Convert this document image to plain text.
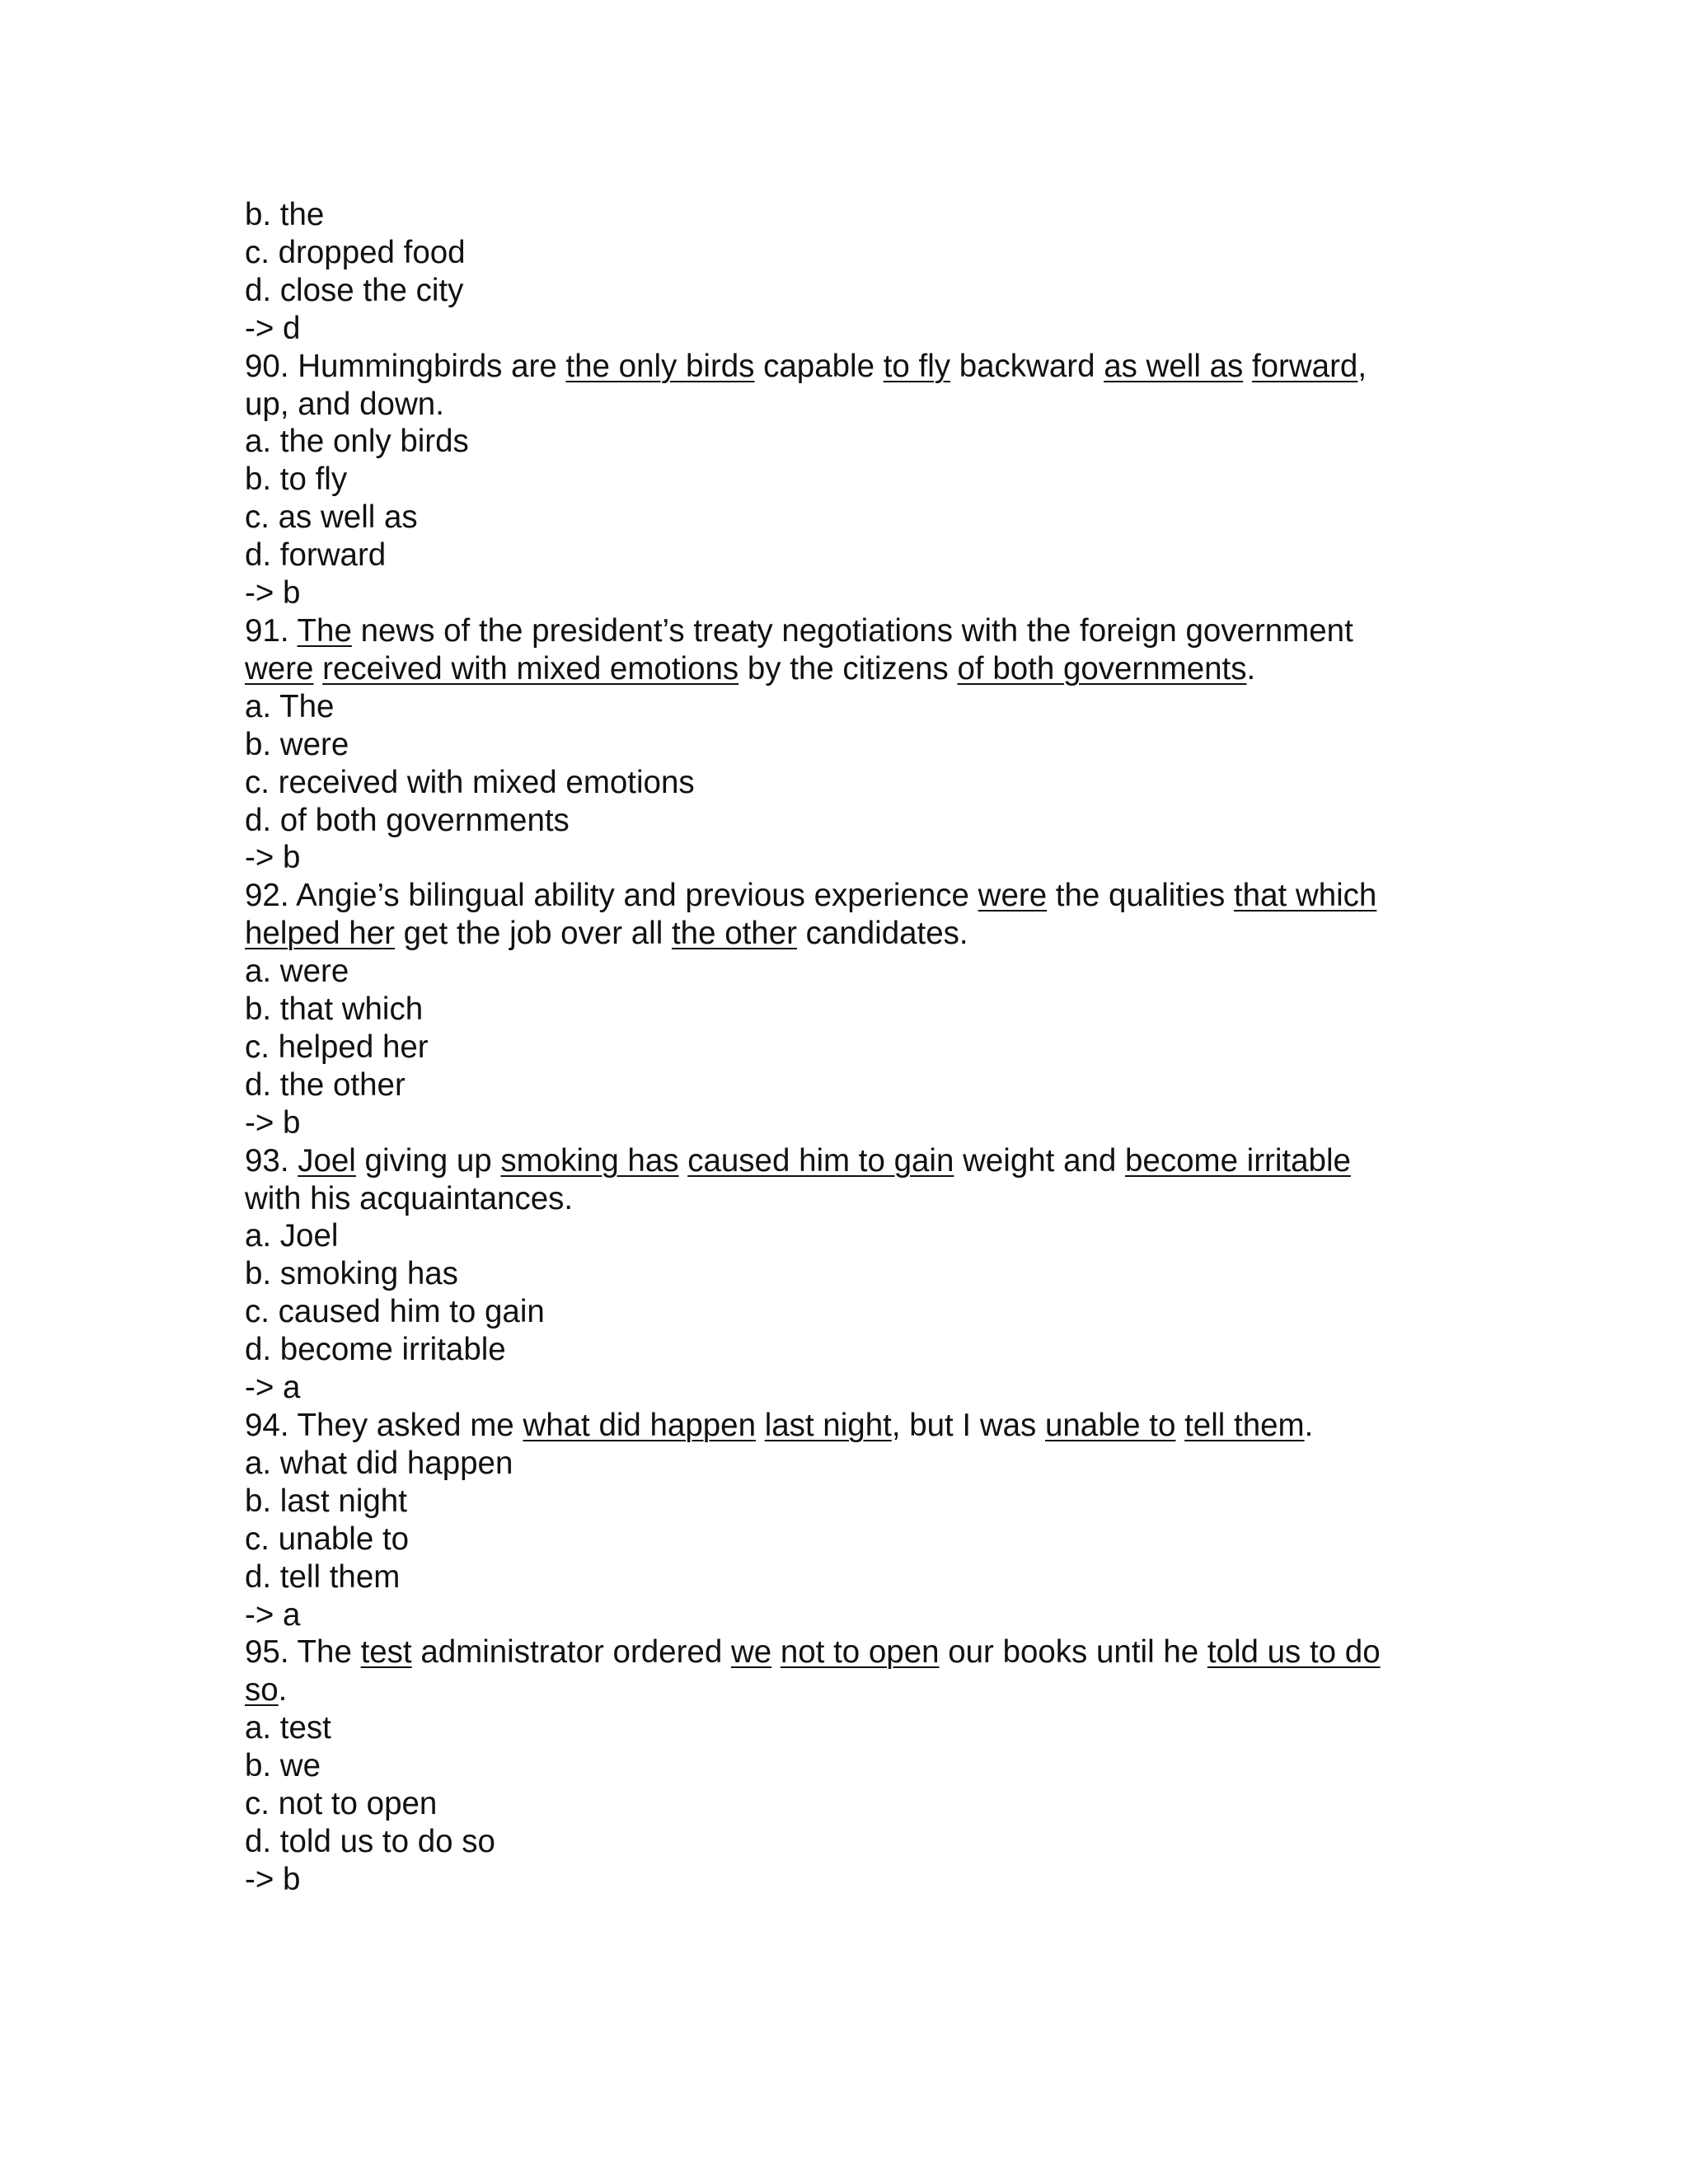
b. the
c. dropped food
d. close the city
-> d
90. Hummingbirds are the only birds capable to fly backward as well as forward,
up, and down.
a. the only birds
b. to fly
c. as well as
d. forward
-> b
91. The news of the president’s treaty negotiations with the foreign government
were received with mixed emotions by the citizens of both governments.
a. The
b. were
c. received with mixed emotions
d. of both governments
-> b
92. Angie’s bilingual ability and previous experience were the qualities that which
helped her get the job over all the other candidates.
a. were
b. that which
c. helped her
d. the other
-> b
93. Joel giving up smoking has caused him to gain weight and become irritable
with his acquaintances.
a. Joel
b. smoking has
c. caused him to gain
d. become irritable
-> a
94. They asked me what did happen last night, but I was unable to tell them.
a. what did happen
b. last night
c. unable to
d. tell them
-> a
95. The test administrator ordered we not to open our books until he told us to do
so.
a. test
b. we
c. not to open
d. told us to do so
-> b
